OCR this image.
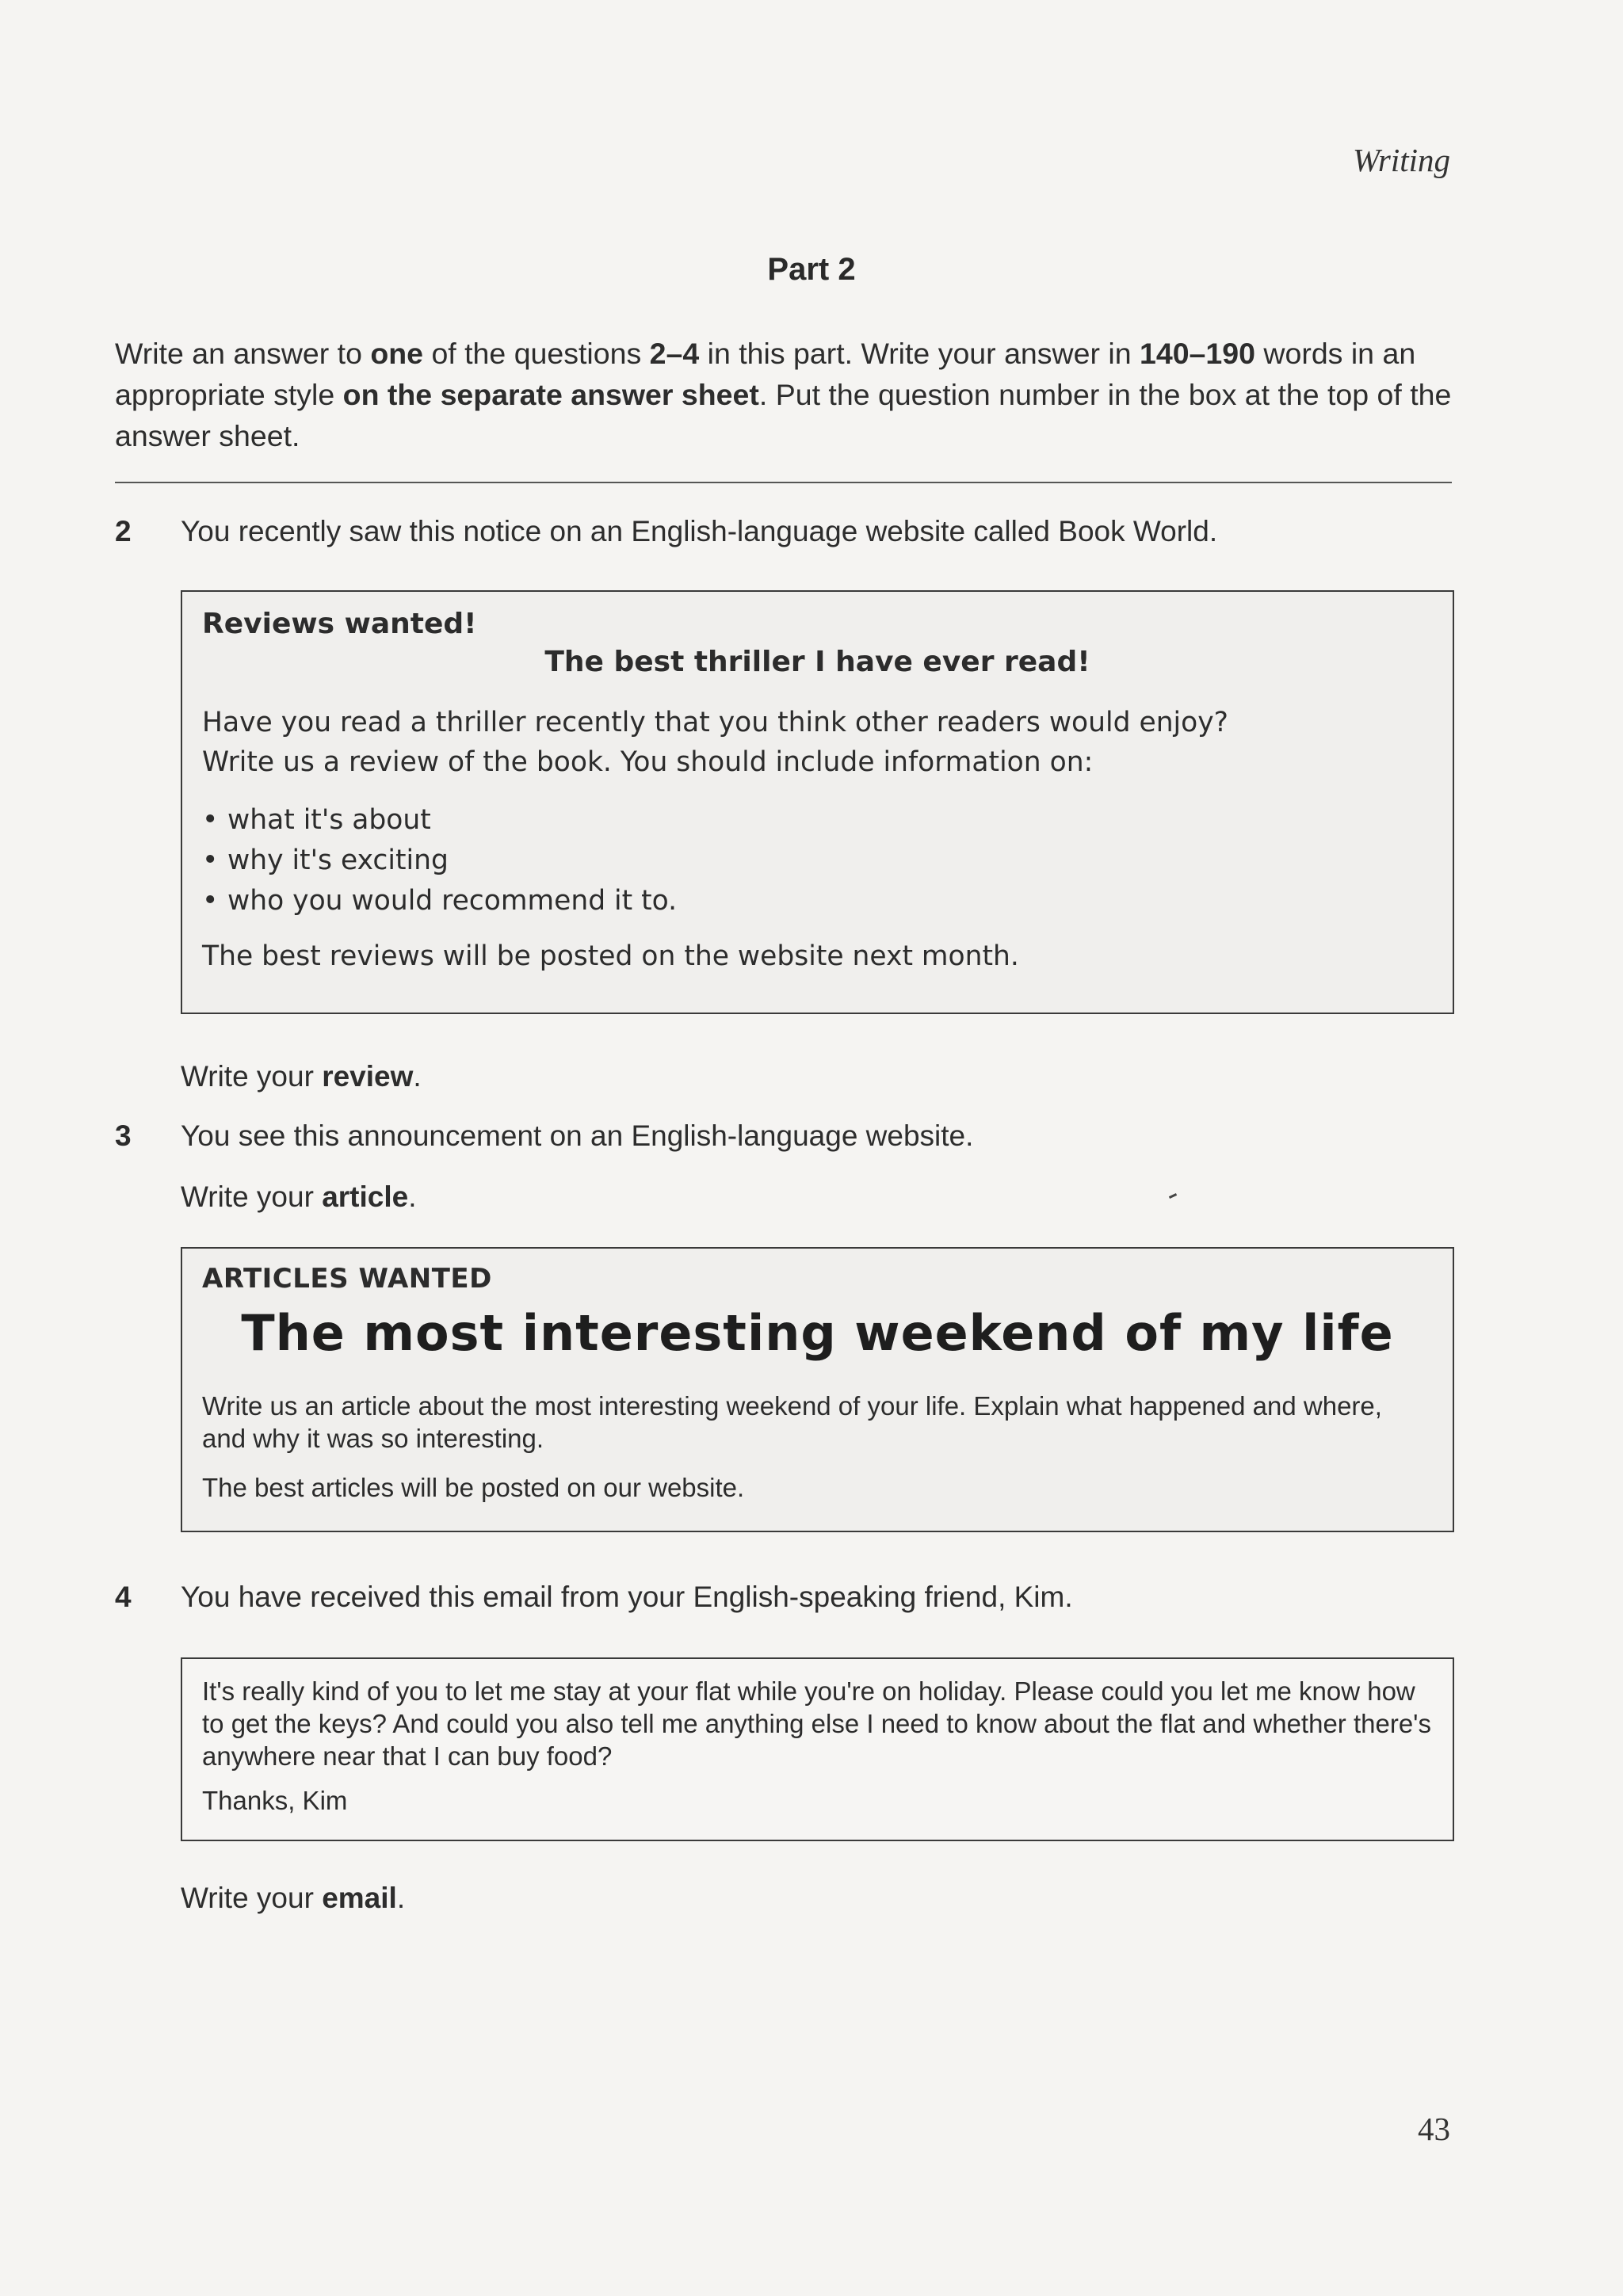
Writing
Part 2
Write an answer to one of the questions 2–4 in this part. Write your answer in 140–190 words in an appropriate style on the separate answer sheet. Put the question number in the box at the top of the answer sheet.
2 You recently saw this notice on an English-language website called Book World.
Reviews wanted!
The best thriller I have ever read!
Have you read a thriller recently that you think other readers would enjoy?
Write us a review of the book. You should include information on:
• what it's about
• why it's exciting
• who you would recommend it to.
The best reviews will be posted on the website next month.
Write your review.
3 You see this announcement on an English-language website.
Write your article.
ARTICLES WANTED
The most interesting weekend of my life
Write us an article about the most interesting weekend of your life. Explain what happened and where, and why it was so interesting.
The best articles will be posted on our website.
4 You have received this email from your English-speaking friend, Kim.
It's really kind of you to let me stay at your flat while you're on holiday. Please could you let me know how to get the keys? And could you also tell me anything else I need to know about the flat and whether there's anywhere near that I can buy food?
Thanks, Kim
Write your email.
43
